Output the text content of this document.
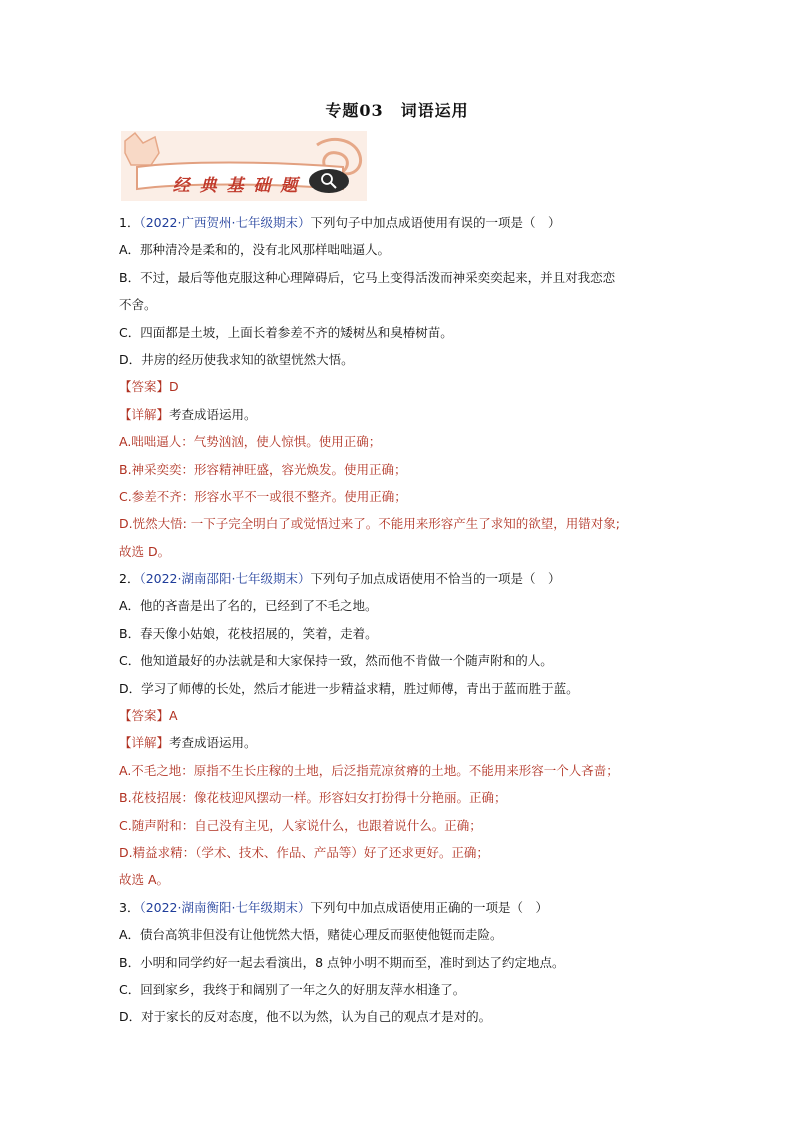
专题03　词语运用
经 典 基 础 题
1．（2022·广西贺州·七年级期末）下列句子中加点成语使用有误的一项是（　）
A．那种清冷是柔和的，没有北风那样咄咄逼人。
B．不过，最后等他克服这种心理障碍后，它马上变得活泼而神采奕奕起来，并且对我恋恋
不舍。
C．四面都是土坡，上面长着参差不齐的矮树丛和臭椿树苗。
D．井房的经历使我求知的欲望恍然大悟。
【答案】D
【详解】考查成语运用。
A.咄咄逼人：气势汹汹，使人惊惧。使用正确；
B.神采奕奕：形容精神旺盛，容光焕发。使用正确；
C.参差不齐：形容水平不一或很不整齐。使用正确；
D.恍然大悟: 一下子完全明白了或觉悟过来了。不能用来形容产生了求知的欲望，用错对象;
故选 D。
2．（2022·湖南邵阳·七年级期末）下列句子加点成语使用不恰当的一项是（　）
A．他的吝啬是出了名的，已经到了不毛之地。
B．春天像小姑娘，花枝招展的，笑着，走着。
C．他知道最好的办法就是和大家保持一致，然而他不肯做一个随声附和的人。
D．学习了师傅的长处，然后才能进一步精益求精，胜过师傅，青出于蓝而胜于蓝。
【答案】A
【详解】考查成语运用。
A.不毛之地：原指不生长庄稼的土地，后泛指荒凉贫瘠的土地。不能用来形容一个人吝啬；
B.花枝招展：像花枝迎风摆动一样。形容妇女打扮得十分艳丽。正确；
C.随声附和：自己没有主见，人家说什么，也跟着说什么。正确；
D.精益求精：（学术、技术、作品、产品等）好了还求更好。正确；
故选 A。
3．（2022·湖南衡阳·七年级期末）下列句中加点成语使用正确的一项是（　）
A．债台高筑非但没有让他恍然大悟，赌徒心理反而驱使他铤而走险。
B．小明和同学约好一起去看演出，8 点钟小明不期而至，准时到达了约定地点。
C．回到家乡，我终于和阔别了一年之久的好朋友萍水相逢了。
D．对于家长的反对态度，他不以为然，认为自己的观点才是对的。
